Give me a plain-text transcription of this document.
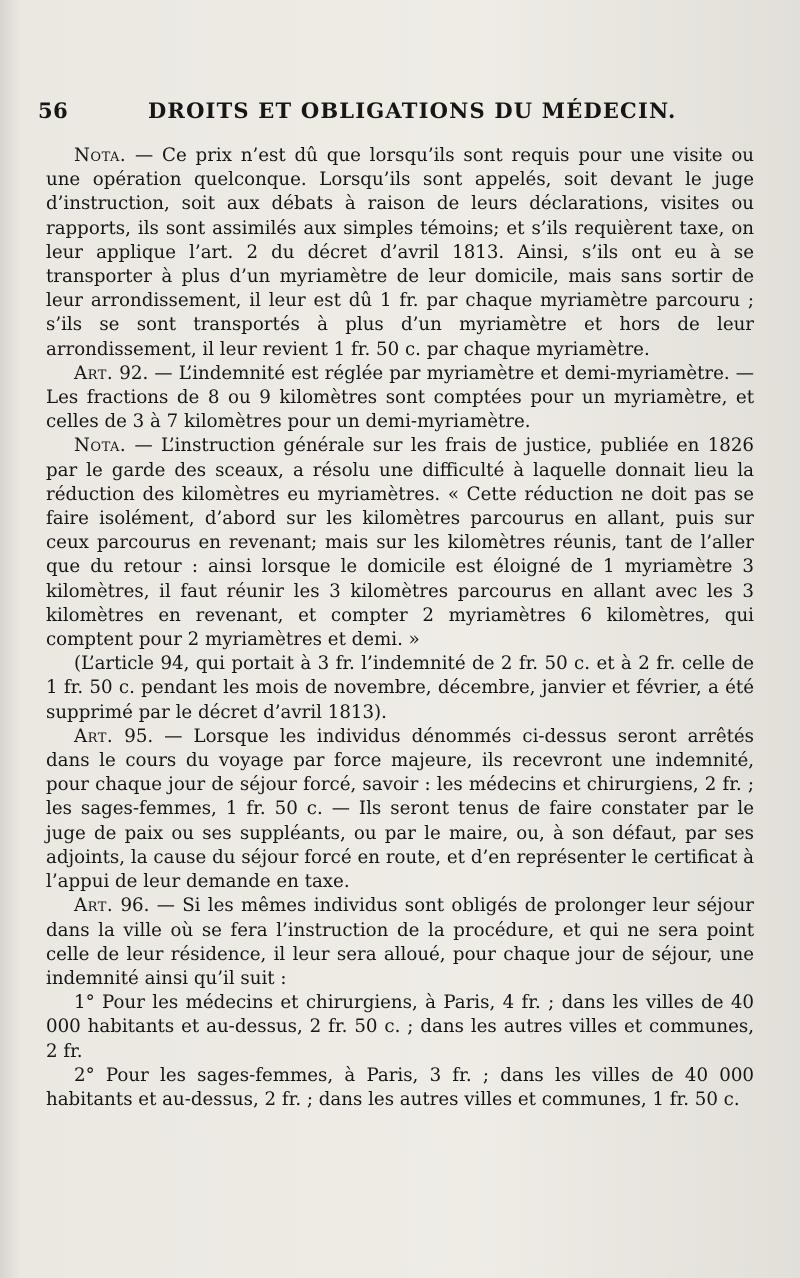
56	DROITS ET OBLIGATIONS DU MÉDECIN.

Nota. — Ce prix n’est dû que lorsqu’ils sont requis pour une visite ou une opération quelconque. Lorsqu’ils sont appelés, soit devant le juge d’instruction, soit aux débats à raison de leurs déclarations, visites ou rapports, ils sont assimilés aux simples témoins; et s’ils requièrent taxe, on leur applique l’art. 2 du décret d’avril 1813. Ainsi, s’ils ont eu à se transporter à plus d’un myriamètre de leur domicile, mais sans sortir de leur arrondissement, il leur est dû 1 fr. par chaque myriamètre parcouru ; s’ils se sont transportés à plus d’un myriamètre et hors de leur arrondissement, il leur revient 1 fr. 50 c. par chaque myriamètre.

Art. 92. — L’indemnité est réglée par myriamètre et demi-myriamètre. — Les fractions de 8 ou 9 kilomètres sont comptées pour un myriamètre, et celles de 3 à 7 kilomètres pour un demi-myriamètre.

Nota. — L’instruction générale sur les frais de justice, publiée en 1826 par le garde des sceaux, a résolu une difficulté à laquelle donnait lieu la réduction des kilomètres eu myriamètres. « Cette réduction ne doit pas se faire isolément, d’abord sur les kilomètres parcourus en allant, puis sur ceux parcourus en revenant; mais sur les kilomètres réunis, tant de l’aller que du retour : ainsi lorsque le domicile est éloigné de 1 myriamètre 3 kilomètres, il faut réunir les 3 kilomètres parcourus en allant avec les 3 kilomètres en revenant, et compter 2 myriamètres 6 kilomètres, qui comptent pour 2 myriamètres et demi. »

(L’article 94, qui portait à 3 fr. l’indemnité de 2 fr. 50 c. et à 2 fr. celle de 1 fr. 50 c. pendant les mois de novembre, décembre, janvier et février, a été supprimé par le décret d’avril 1813).

Art. 95. — Lorsque les individus dénommés ci-dessus seront arrêtés dans le cours du voyage par force majeure, ils recevront une indemnité, pour chaque jour de séjour forcé, savoir : les médecins et chirurgiens, 2 fr. ; les sages-femmes, 1 fr. 50 c. — Ils seront tenus de faire constater par le juge de paix ou ses suppléants, ou par le maire, ou, à son défaut, par ses adjoints, la cause du séjour forcé en route, et d’en représenter le certificat à l’appui de leur demande en taxe.

Art. 96. — Si les mêmes individus sont obligés de prolonger leur séjour dans la ville où se fera l’instruction de la procédure, et qui ne sera point celle de leur résidence, il leur sera alloué, pour chaque jour de séjour, une indemnité ainsi qu’il suit :

1° Pour les médecins et chirurgiens, à Paris, 4 fr. ; dans les villes de 40 000 habitants et au-dessus, 2 fr. 50 c. ; dans les autres villes et communes, 2 fr.

2° Pour les sages-femmes, à Paris, 3 fr. ; dans les villes de 40 000 habitants et au-dessus, 2 fr. ; dans les autres villes et communes, 1 fr. 50 c.
